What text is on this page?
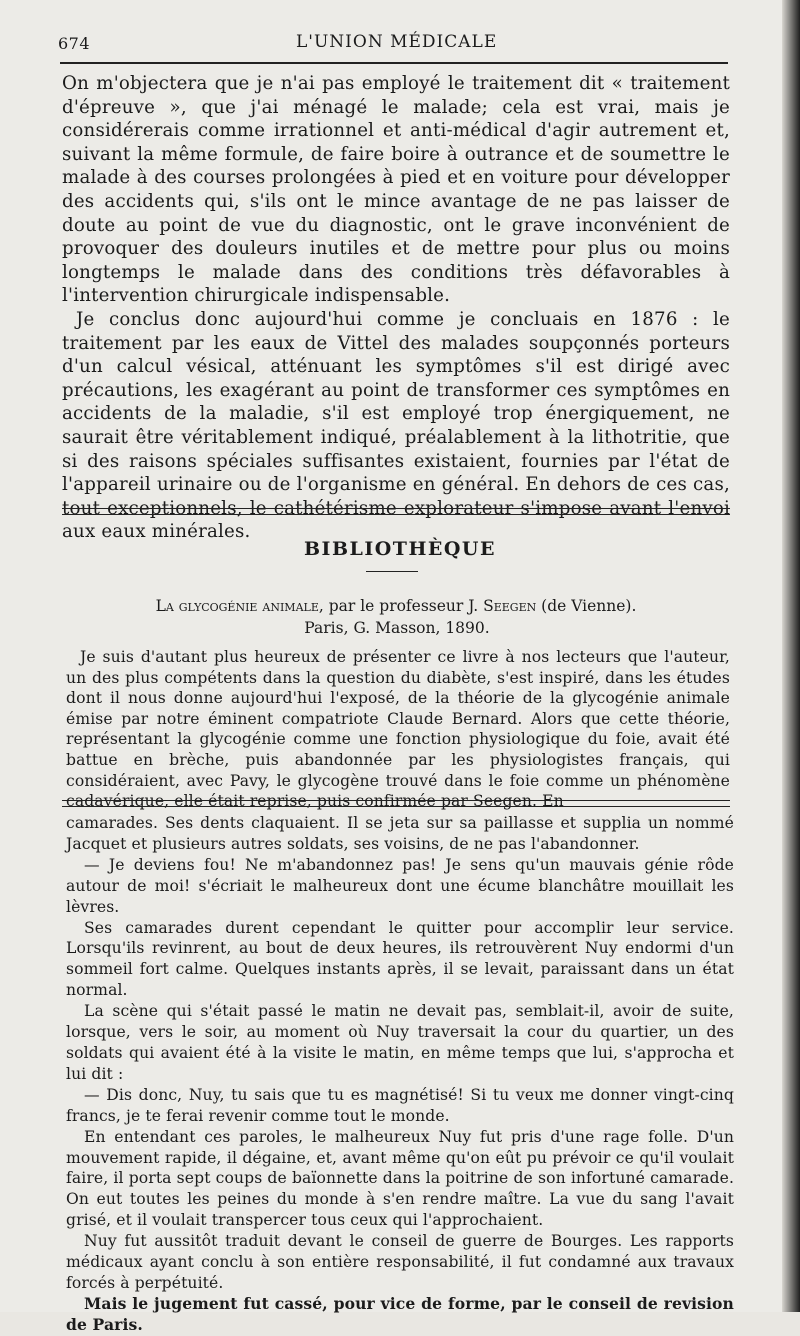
674	L'UNION MÉDICALE

On m'objectera que je n'ai pas employé le traitement dit « traitement d'épreuve », que j'ai ménagé le malade; cela est vrai, mais je considérerais comme irrationnel et anti-médical d'agir autrement et, suivant la même formule, de faire boire à outrance et de soumettre le malade à des courses prolongées à pied et en voiture pour développer des accidents qui, s'ils ont le mince avantage de ne pas laisser de doute au point de vue du diagnostic, ont le grave inconvénient de provoquer des douleurs inutiles et de mettre pour plus ou moins longtemps le malade dans des conditions très défavorables à l'intervention chirurgicale indispensable.

Je conclus donc aujourd'hui comme je concluais en 1876 : le traitement par les eaux de Vittel des malades soupçonnés porteurs d'un calcul vésical, atténuant les symptômes s'il est dirigé avec précautions, les exagérant au point de transformer ces symptômes en accidents de la maladie, s'il est employé trop énergiquement, ne saurait être véritablement indiqué, préalablement à la lithotritie, que si des raisons spéciales suffisantes existaient, fournies par l'état de l'appareil urinaire ou de l'organisme en général. En dehors de ces cas, tout exceptionnels, le cathétérisme explorateur s'impose avant l'envoi aux eaux minérales.

BIBLIOTHÈQUE
La glycogénie animale, par le professeur J. Seegen (de Vienne).
Paris, G. Masson, 1890.

Je suis d'autant plus heureux de présenter ce livre à nos lecteurs que l'auteur, un des plus compétents dans la question du diabète, s'est inspiré, dans les études dont il nous donne aujourd'hui l'exposé, de la théorie de la glycogénie animale émise par notre éminent compatriote Claude Bernard. Alors que cette théorie, représentant la glycogénie comme une fonction physiologique du foie, avait été battue en brèche, puis abandonnée par les physiologistes français, qui considéraient, avec Pavy, le glycogène trouvé dans le foie comme un phénomène cadavérique, elle était reprise, puis confirmée par Seegen. En

camarades. Ses dents claquaient. Il se jeta sur sa paillasse et supplia un nommé Jacquet et plusieurs autres soldats, ses voisins, de ne pas l'abandonner.

— Je deviens fou! Ne m'abandonnez pas! Je sens qu'un mauvais génie rôde autour de moi! s'écriait le malheureux dont une écume blanchâtre mouillait les lèvres.

Ses camarades durent cependant le quitter pour accomplir leur service. Lorsqu'ils revinrent, au bout de deux heures, ils retrouvèrent Nuy endormi d'un sommeil fort calme. Quelques instants après, il se levait, paraissant dans un état normal.

La scène qui s'était passé le matin ne devait pas, semblait-il, avoir de suite, lorsque, vers le soir, au moment où Nuy traversait la cour du quartier, un des soldats qui avaient été à la visite le matin, en même temps que lui, s'approcha et lui dit :

— Dis donc, Nuy, tu sais que tu es magnétisé! Si tu veux me donner vingt-cinq francs, je te ferai revenir comme tout le monde.

En entendant ces paroles, le malheureux Nuy fut pris d'une rage folle. D'un mouvement rapide, il dégaine, et, avant même qu'on eût pu prévoir ce qu'il voulait faire, il porta sept coups de baïonnette dans la poitrine de son infortuné camarade. On eut toutes les peines du monde à s'en rendre maître. La vue du sang l'avait grisé, et il voulait transpercer tous ceux qui l'approchaient.

Nuy fut aussitôt traduit devant le conseil de guerre de Bourges. Les rapports médicaux ayant conclu à son entière responsabilité, il fut condamné aux travaux forcés à perpétuité.

Mais le jugement fut cassé, pour vice de forme, par le conseil de revision de Paris.
